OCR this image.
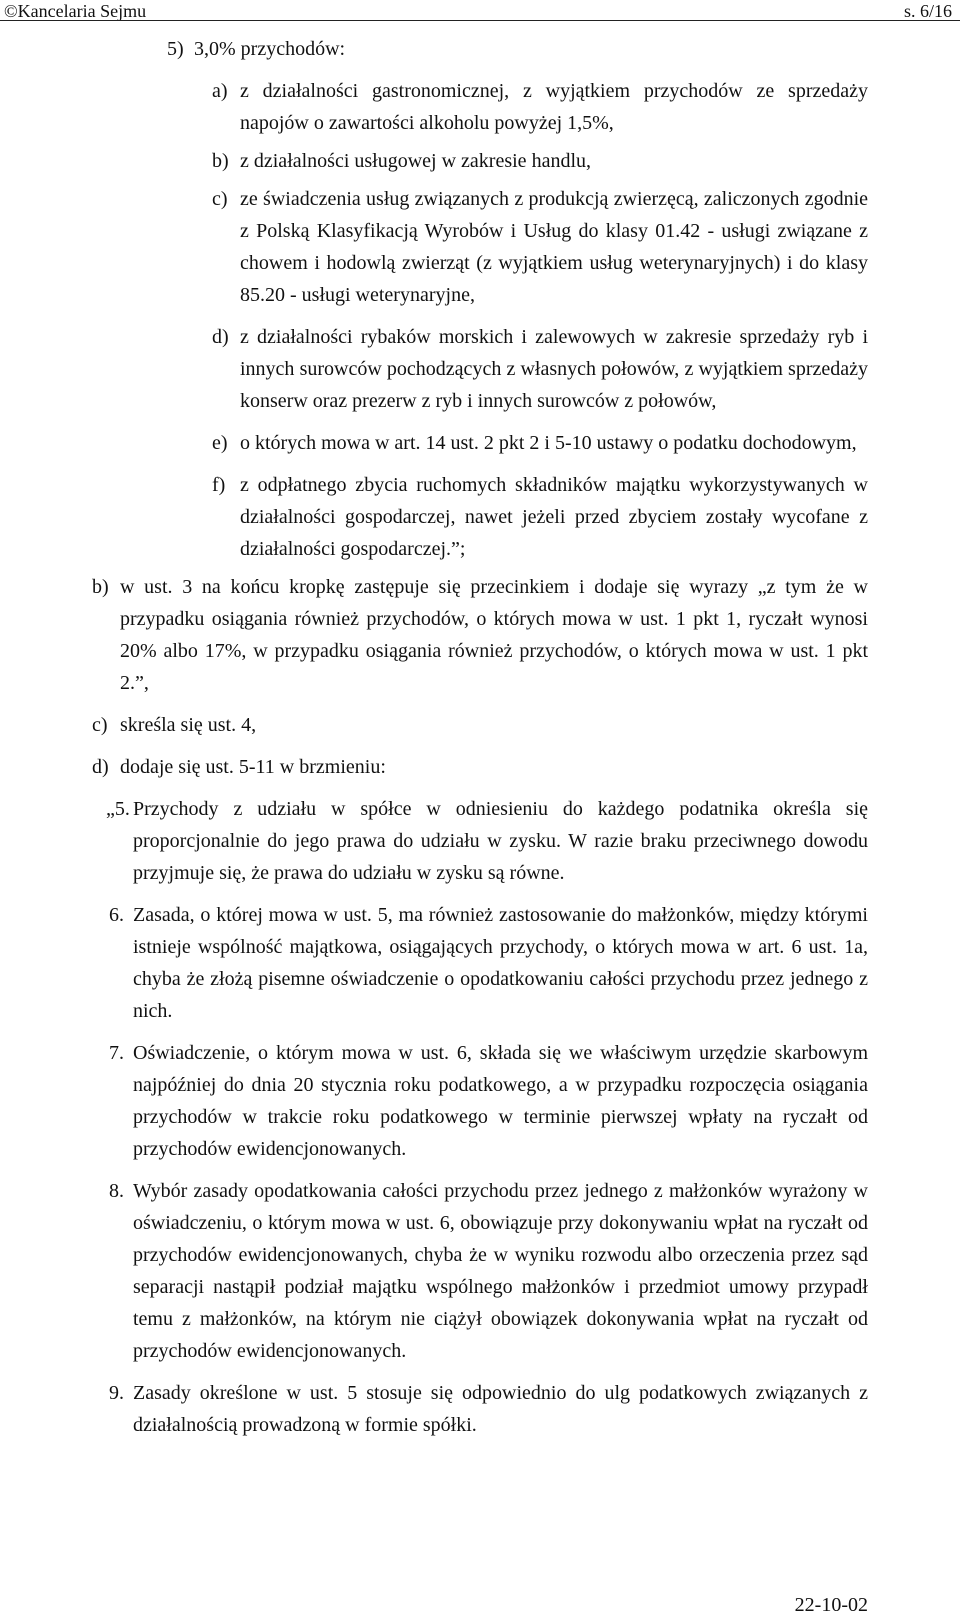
©Kancelaria Sejmu	s. 6/16
5) 3,0% przychodów:
a) z działalności gastronomicznej, z wyjątkiem przychodów ze sprzedaży napojów o zawartości alkoholu powyżej 1,5%,
b) z działalności usługowej w zakresie handlu,
c) ze świadczenia usług związanych z produkcją zwierzęcą, zaliczonych zgodnie z Polską Klasyfikacją Wyrobów i Usług do klasy 01.42 - usługi związane z chowem i hodowlą zwierząt (z wyjątkiem usług weterynaryjnych) i do klasy 85.20 - usługi weterynaryjne,
d) z działalności rybaków morskich i zalewowych w zakresie sprzedaży ryb i innych surowców pochodzących z własnych połowów, z wyjątkiem sprzedaży konserw oraz prezerw z ryb i innych surowców z połowów,
e) o których mowa w art. 14 ust. 2 pkt 2 i 5-10 ustawy o podatku dochodowym,
f) z odpłatnego zbycia ruchomych składników majątku wykorzystywanych w działalności gospodarczej, nawet jeżeli przed zbyciem zostały wycofane z działalności gospodarczej.”;
b) w ust. 3 na końcu kropkę zastępuje się przecinkiem i dodaje się wyrazy „z tym że w przypadku osiągania również przychodów, o których mowa w ust. 1 pkt 1, ryczałt wynosi 20% albo 17%, w przypadku osiągania również przychodów, o których mowa w ust. 1 pkt 2.”,
c) skreśla się ust. 4,
d) dodaje się ust. 5-11 w brzmieniu:
„5. Przychody z udziału w spółce w odniesieniu do każdego podatnika określa się proporcjonalnie do jego prawa do udziału w zysku. W razie braku przeciwnego dowodu przyjmuje się, że prawa do udziału w zysku są równe.
6. Zasada, o której mowa w ust. 5, ma również zastosowanie do małżonków, między którymi istnieje wspólność majątkowa, osiągających przychody, o których mowa w art. 6 ust. 1a, chyba że złożą pisemne oświadczenie o opodatkowaniu całości przychodu przez jednego z nich.
7. Oświadczenie, o którym mowa w ust. 6, składa się we właściwym urzędzie skarbowym najpóźniej do dnia 20 stycznia roku podatkowego, a w przypadku rozpoczęcia osiągania przychodów w trakcie roku podatkowego w terminie pierwszej wpłaty na ryczałt od przychodów ewidencjonowanych.
8. Wybór zasady opodatkowania całości przychodu przez jednego z małżonków wyrażony w oświadczeniu, o którym mowa w ust. 6, obowiązuje przy dokonywaniu wpłat na ryczałt od przychodów ewidencjonowanych, chyba że w wyniku rozwodu albo orzeczenia przez sąd separacji nastąpił podział majątku wspólnego małżonków i przedmiot umowy przypadł temu z małżonków, na którym nie ciążył obowiązek dokonywania wpłat na ryczałt od przychodów ewidencjonowanych.
9. Zasady określone w ust. 5 stosuje się odpowiednio do ulg podatkowych związanych z działalnością prowadzoną w formie spółki.
22-10-02
